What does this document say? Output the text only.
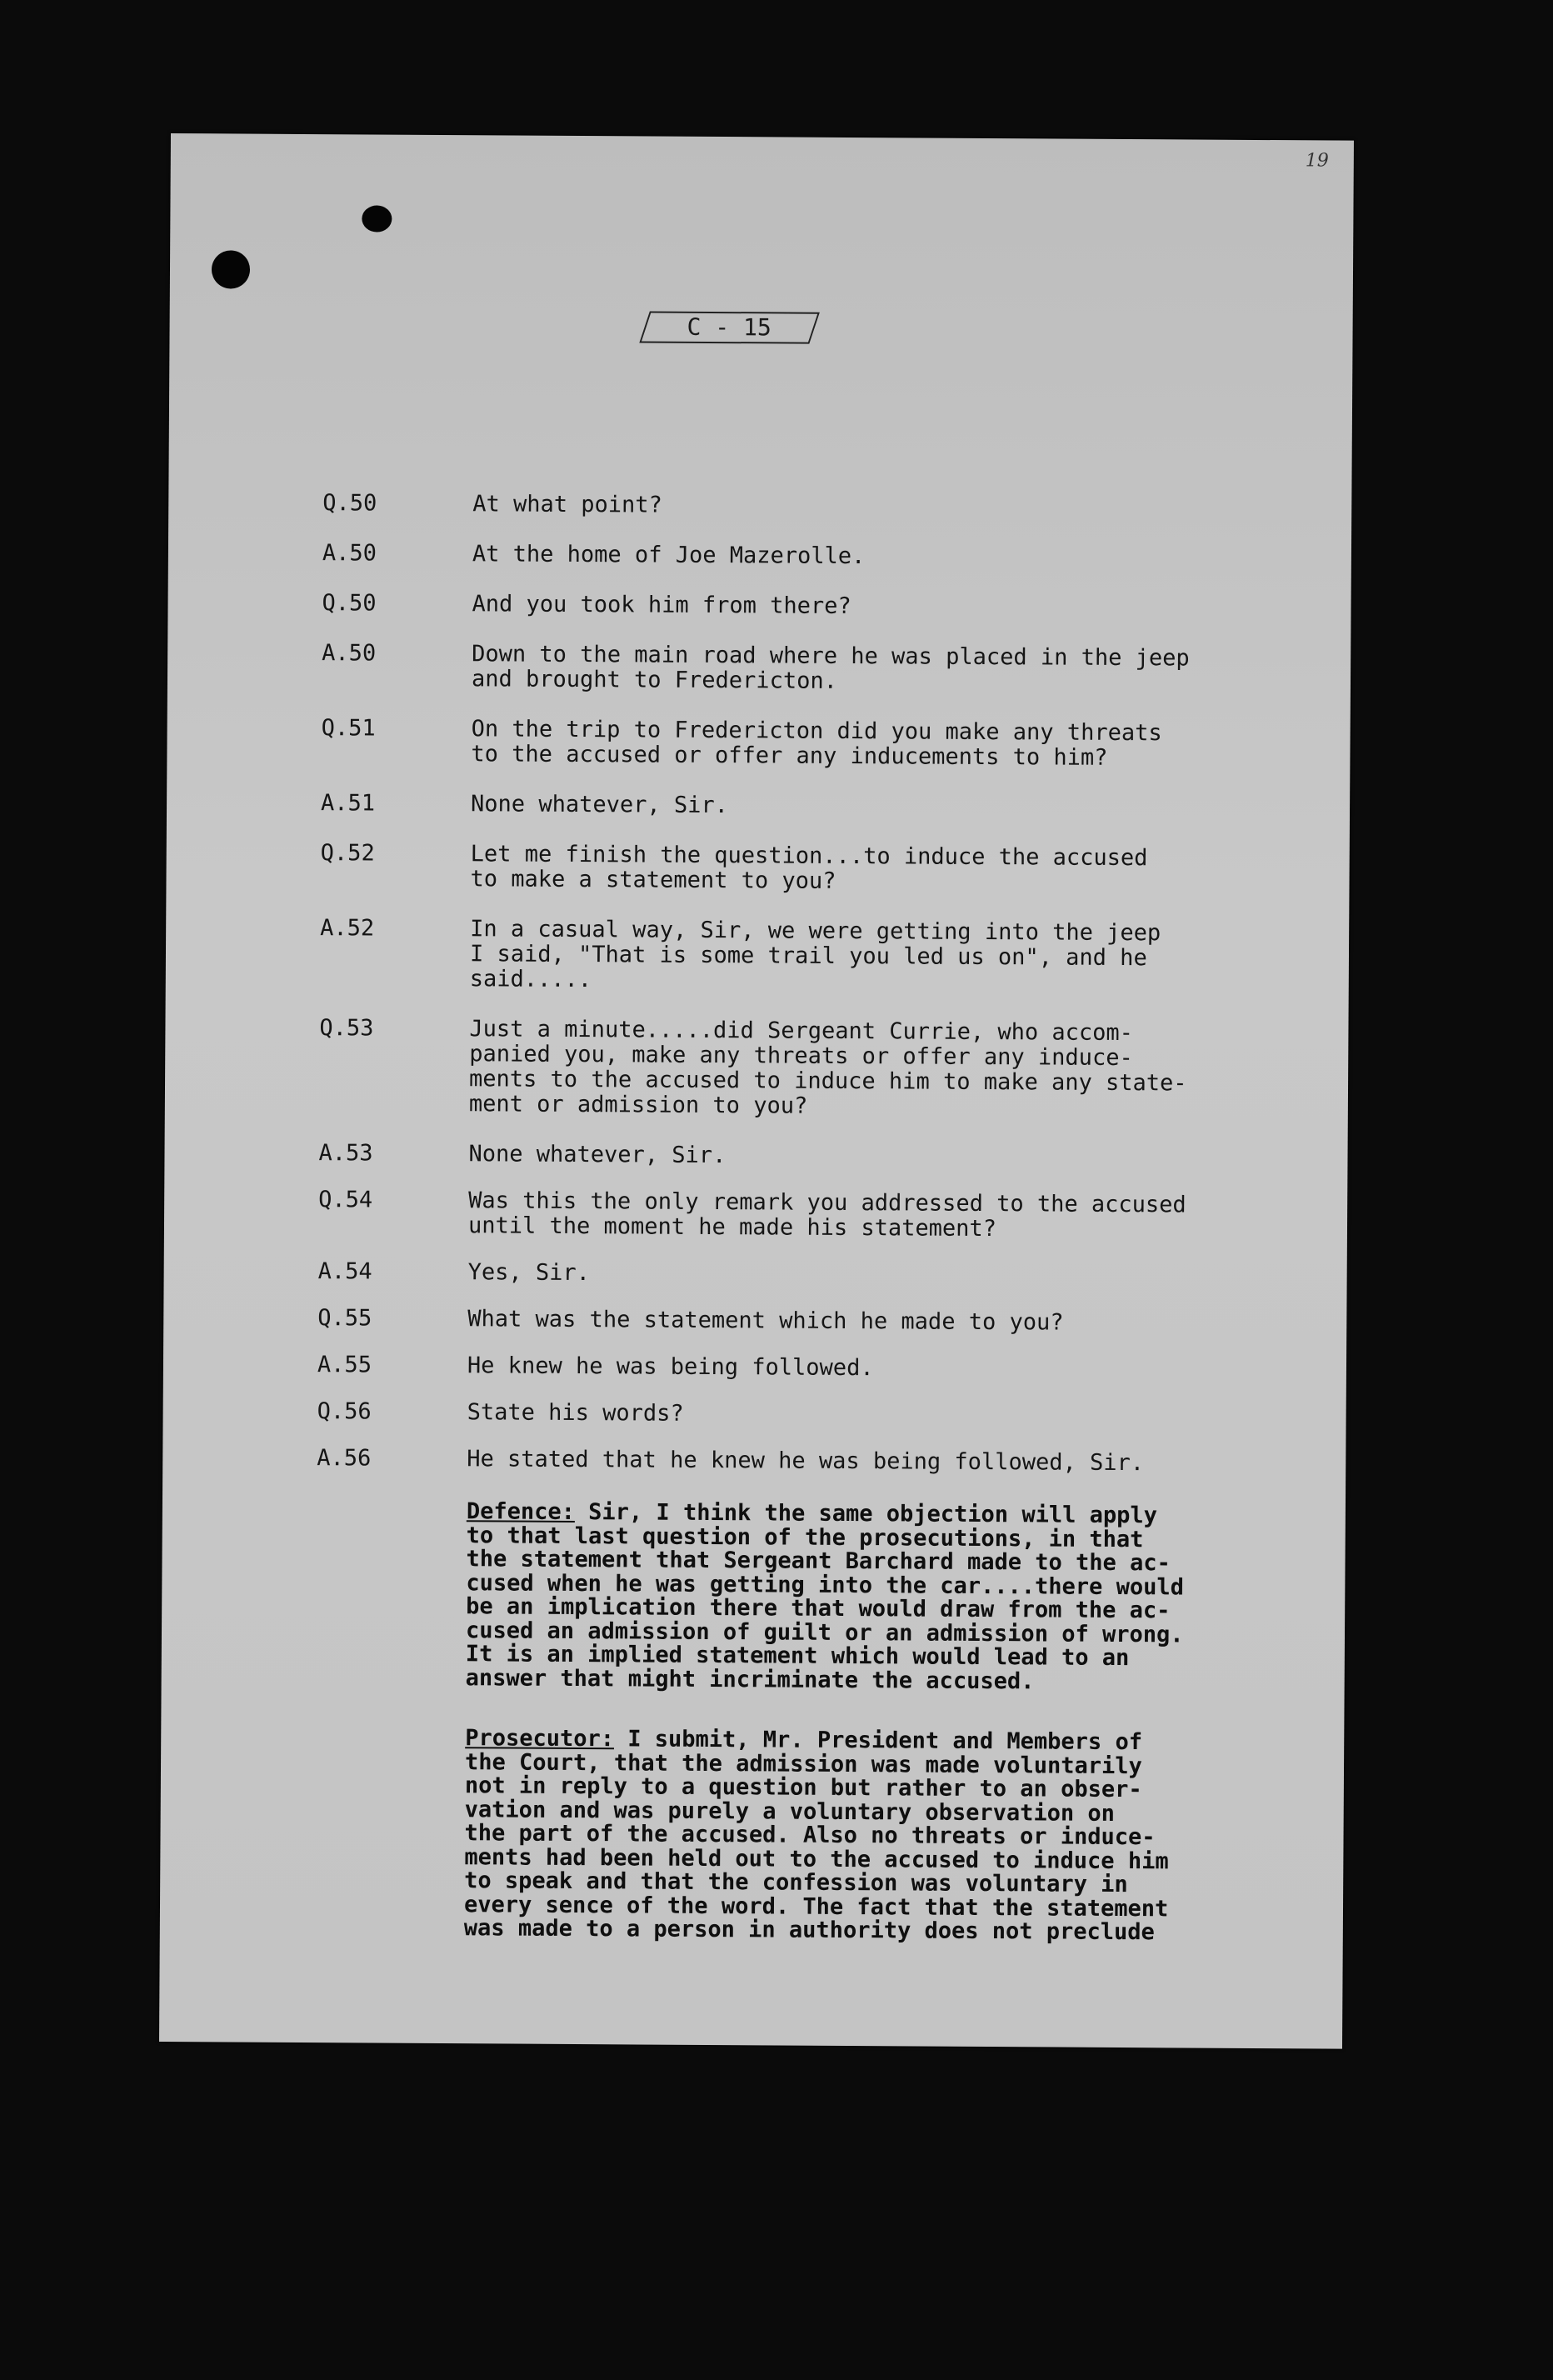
19
C - 15
Q.50	At what point?
A.50	At the home of Joe Mazerolle.
Q.50	And you took him from there?
A.50	Down to the main road where he was placed in the jeep
and brought to Fredericton.
Q.51	On the trip to Fredericton did you make any threats
to the accused or offer any inducements to him?
A.51	None whatever, Sir.
Q.52	Let me finish the question...to induce the accused
to make a statement to you?
A.52	In a casual way, Sir, we were getting into the jeep
I said, "That is some trail you led us on", and he
said.....
Q.53	Just a minute.....did Sergeant Currie, who accom-
panied you, make any threats or offer any induce-
ments to the accused to induce him to make any state-
ment or admission to you?
A.53	None whatever, Sir.
Q.54	Was this the only remark you addressed to the accused
until the moment he made his statement?
A.54	Yes, Sir.
Q.55	What was the statement which he made to you?
A.55	He knew he was being followed.
Q.56	State his words?
A.56	He stated that he knew he was being followed, Sir.
Defence: Sir, I think the same objection will apply
to that last question of the prosecutions, in that
the statement that Sergeant Barchard made to the ac-
cused when he was getting into the car....there would
be an implication there that would draw from the ac-
cused an admission of guilt or an admission of wrong.
It is an implied statement which would lead to an
answer that might incriminate the accused.
Prosecutor: I submit, Mr. President and Members of
the Court, that the admission was made voluntarily
not in reply to a question but rather to an obser-
vation and was purely a voluntary observation on
the part of the accused. Also no threats or induce-
ments had been held out to the accused to induce him
to speak and that the confession was voluntary in
every sence of the word. The fact that the statement
was made to a person in authority does not preclude
